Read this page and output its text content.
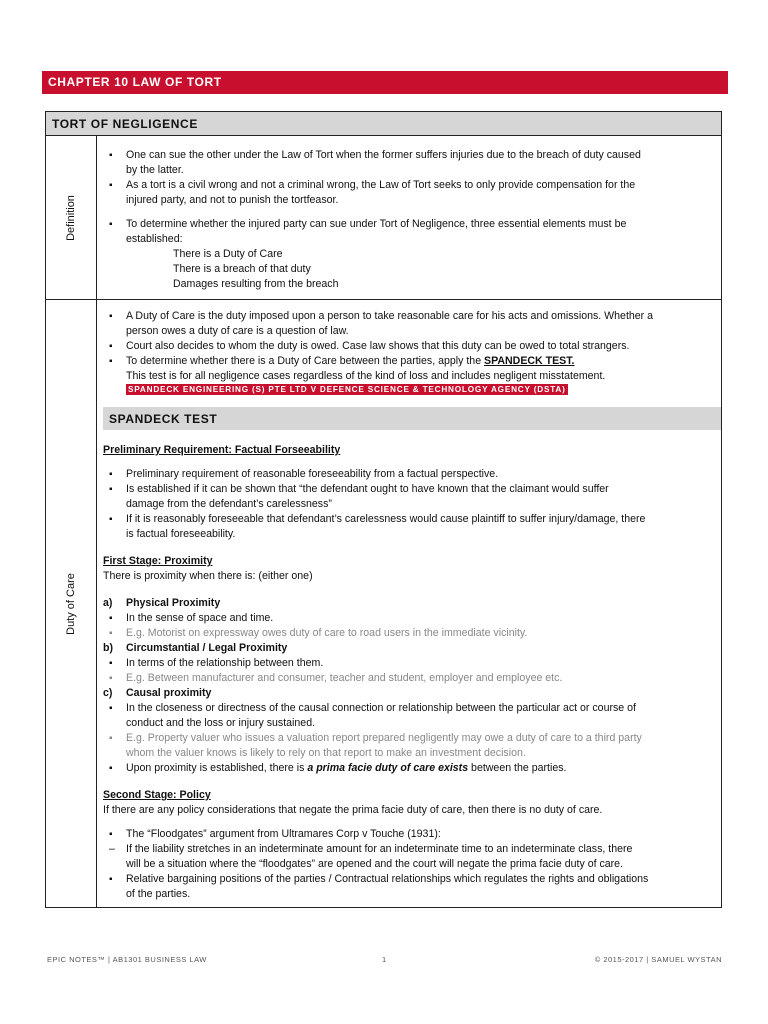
CHAPTER 10 LAW OF TORT
TORT OF NEGLIGENCE
Definition
▪ One can sue the other under the Law of Tort when the former suffers injuries due to the breach of duty caused
by the latter.
▪ As a tort is a civil wrong and not a criminal wrong, the Law of Tort seeks to only provide compensation for the
injured party, and not to punish the tortfeasor.
▪ To determine whether the injured party can sue under Tort of Negligence, three essential elements must be
established:
There is a Duty of Care
There is a breach of that duty
Damages resulting from the breach
Duty of Care
▪ A Duty of Care is the duty imposed upon a person to take reasonable care for his acts and omissions. Whether a
person owes a duty of care is a question of law.
▪ Court also decides to whom the duty is owed. Case law shows that this duty can be owed to total strangers.
▪ To determine whether there is a Duty of Care between the parties, apply the SPANDECK TEST.
This test is for all negligence cases regardless of the kind of loss and includes negligent misstatement.
SPANDECK ENGINEERING (S) PTE LTD V DEFENCE SCIENCE & TECHNOLOGY AGENCY (DSTA)
SPANDECK TEST
Preliminary Requirement: Factual Forseeability
▪ Preliminary requirement of reasonable foreseeability from a factual perspective.
▪ Is established if it can be shown that “the defendant ought to have known that the claimant would suffer
damage from the defendant’s carelessness”
▪ If it is reasonably foreseeable that defendant’s carelessness would cause plaintiff to suffer injury/damage, there
is factual foreseeability.
First Stage: Proximity
There is proximity when there is: (either one)
a) Physical Proximity
▪ In the sense of space and time.
▪ E.g. Motorist on expressway owes duty of care to road users in the immediate vicinity.
b) Circumstantial / Legal Proximity
▪ In terms of the relationship between them.
▪ E.g. Between manufacturer and consumer, teacher and student, employer and employee etc.
c) Causal proximity
▪ In the closeness or directness of the causal connection or relationship between the particular act or course of
conduct and the loss or injury sustained.
▪ E.g. Property valuer who issues a valuation report prepared negligently may owe a duty of care to a third party
whom the valuer knows is likely to rely on that report to make an investment decision.
▪ Upon proximity is established, there is a prima facie duty of care exists between the parties.
Second Stage: Policy
If there are any policy considerations that negate the prima facie duty of care, then there is no duty of care.
▪ The “Floodgates” argument from Ultramares Corp v Touche (1931):
– If the liability stretches in an indeterminate amount for an indeterminate time to an indeterminate class, there
will be a situation where the “floodgates” are opened and the court will negate the prima facie duty of care.
▪ Relative bargaining positions of the parties / Contractual relationships which regulates the rights and obligations
of the parties.
EPIC NOTES™ | AB1301 BUSINESS LAW	1	© 2015-2017 | SAMUEL WYSTAN
